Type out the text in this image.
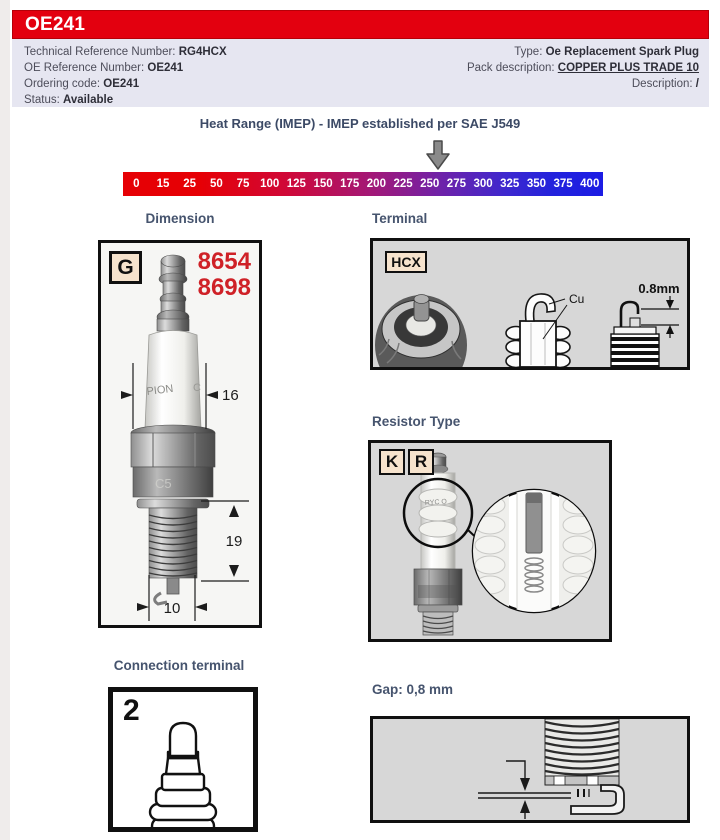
OE241
Technical Reference Number: RG4HCX
OE Reference Number: OE241
Ordering code: OE241
Status: Available
Type: Oe Replacement Spark Plug
Pack description: COPPER PLUS TRADE 10
Description: /
Heat Range (IMEP) - IMEP established per SAE J549
0	15	25	50	75 100 125 150 175 200 225 250 275 300 325 350 375 400
Dimension
PION C
C5
16
19
10
G	8654
8698
Terminal
Cu
0.8mm
HCX
Resistor Type
RYC O
K R
Connection terminal
2
Gap: 0,8 mm
